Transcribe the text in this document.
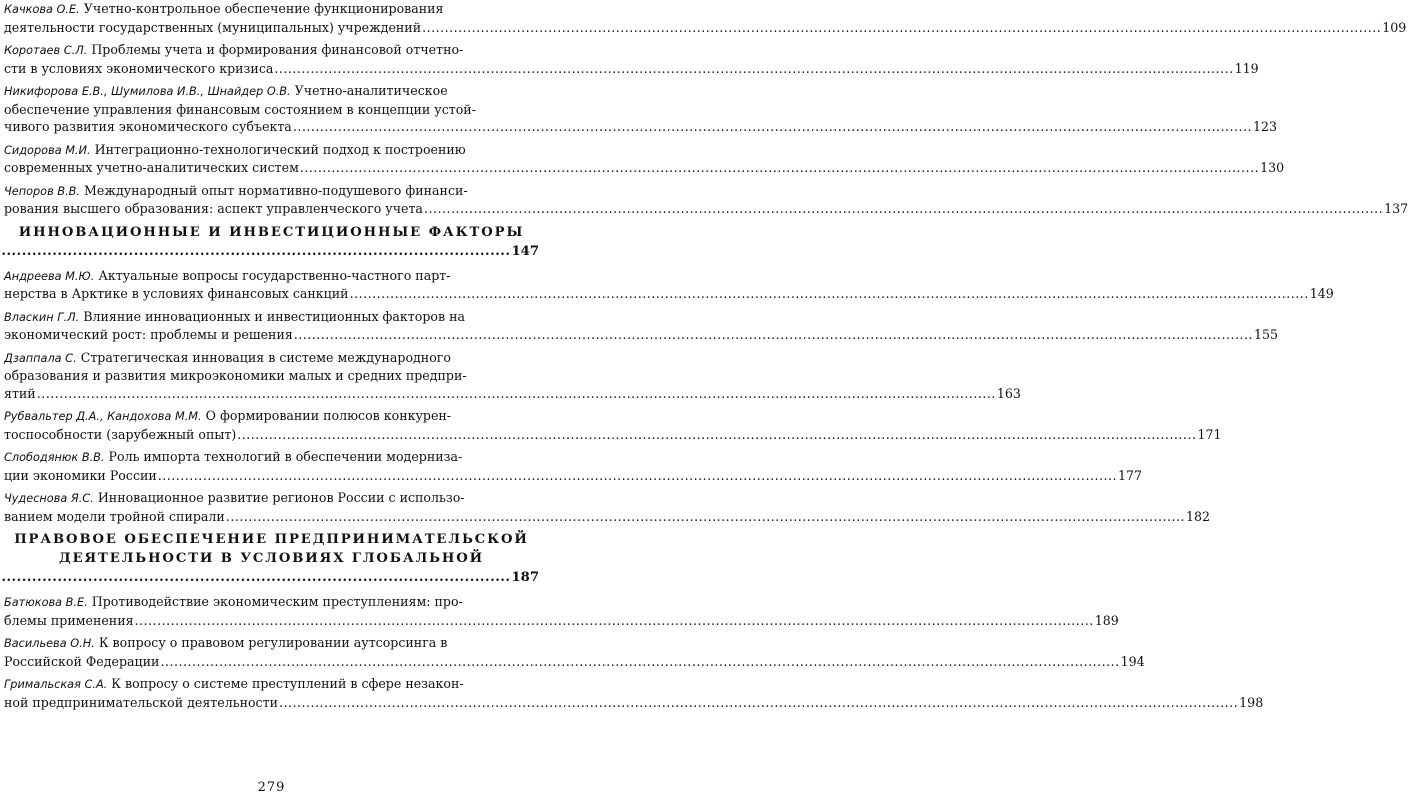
Качкова О.Е. Учетно-контрольное обеспечение функционирования
деятельности государственных (муниципальных) учреждений .....	109
Коротаев С.Л. Проблемы учета и формирования финансовой отчетно-
сти в условиях экономического кризиса .....	119
Никифорова Е.В., Шумилова И.В., Шнайдер О.В. Учетно-аналитическое
обеспечение управления финансовым состоянием в концепции устой-
чивого развития экономического субъекта .....	123
Сидорова М.И. Интеграционно-технологический подход к построению
современных учетно-аналитических систем .....	130
Чепоров В.В. Международный опыт нормативно-подушевого финанси-
рования высшего образования: аспект управленческого учета .....	137
ИННОВАЦИОННЫЕ И ИНВЕСТИЦИОННЫЕ ФАКТОРЫ
.....
147
Андреева М.Ю. Актуальные вопросы государственно-частного парт-
нерства в Арктике в условиях финансовых санкций .....	149
Власкин Г.Л. Влияние инновационных и инвестиционных факторов на
экономический рост: проблемы и решения .....	155
Дзаппала С. Стратегическая инновация в системе международного
образования и развития микроэкономики малых и средних предпри-
ятий .....	163
Рубвальтер Д.А., Кандохова М.М. О формировании полюсов конкурен-
тоспособности (зарубежный опыт) .....	171
Слободянюк В.В. Роль импорта технологий в обеспечении модерниза-
ции экономики России .....	177
Чудеснова Я.С. Инновационное развитие регионов России с использо-
ванием модели тройной спирали .....	182
ПРАВОВОЕ ОБЕСПЕЧЕНИЕ ПРЕДПРИНИМАТЕЛЬСКОЙ
ДЕЯТЕЛЬНОСТИ В УСЛОВИЯХ ГЛОБАЛЬНОЙ
.....
187
Батюкова В.Е. Противодействие экономическим преступлениям: про-
блемы применения .....	189
Васильева О.Н. К вопросу о правовом регулировании аутсорсинга в
Российской Федерации .....	194
Гримальская С.А. К вопросу о системе преступлений в сфере незакон-
ной предпринимательской деятельности .....	198
279
